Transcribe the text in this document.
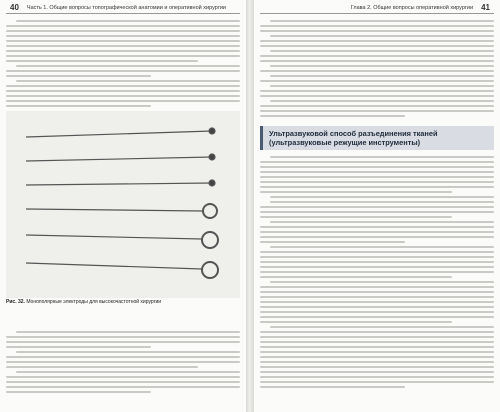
40	Часть 1. Общие вопросы топографической анатомии и оперативной хирургии
Рис. 32. Монополярные электроды для высокочастотной хирургии
Глава 2. Общие вопросы оперативной хирургии	41
Ультразвуковой способ разъединения тканей (ультразвуковые режущие инструменты)
